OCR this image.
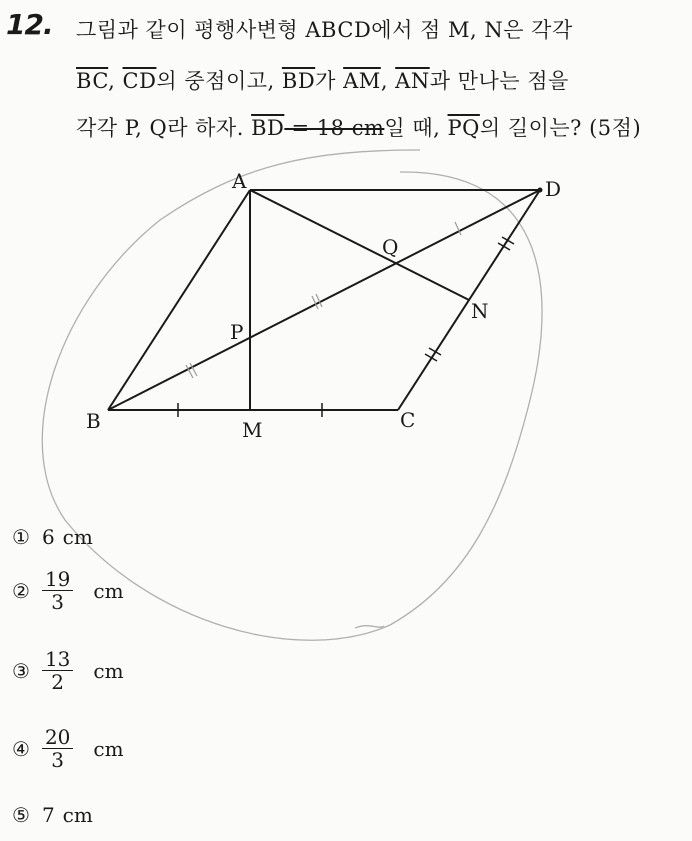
12. 그림과 같이 평행사변형 ABCD에서 점 M, N은 각각
$\overline{BC}$, $\overline{CD}$의 중점이고, $\overline{BD}$가 $\overline{AM}$, $\overline{AN}$과 만나는 점을
각각 P, Q라 하자. $\overline{BD} = 18$ cm일 때, $\overline{PQ}$의 길이는? (5점)
A	D
B	M	C
N
P
Q
① 6 cm
② $\frac{19}{3}$ cm
③ $\frac{13}{2}$ cm
④ $\frac{20}{3}$ cm
⑤ 7 cm
